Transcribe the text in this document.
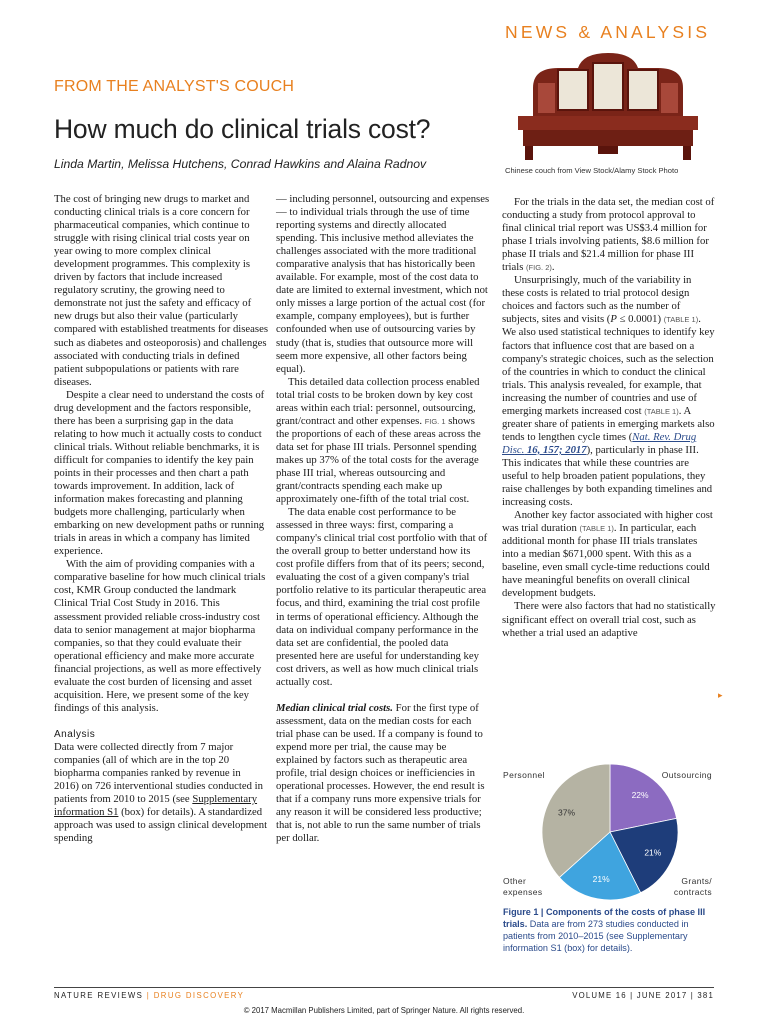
NEWS & ANALYSIS
Chinese couch from View Stock/Alamy Stock Photo
FROM THE ANALYST'S COUCH
How much do clinical trials cost?
Linda Martin, Melissa Hutchens, Conrad Hawkins and Alaina Radnov

The cost of bringing new drugs to market and conducting clinical trials is a core concern for pharmaceutical companies, which continue to struggle with rising clinical trial costs year on year owing to more complex clinical development programmes. This complexity is driven by factors that include increased regulatory scrutiny, the growing need to demonstrate not just the safety and efficacy of new drugs but also their value (particularly compared with established treatments for diseases such as diabetes and osteoporosis) and challenges associated with conducting trials in defined patient subpopulations or patients with rare diseases.

Despite a clear need to understand the costs of drug development and the factors responsible, there has been a surprising gap in the data relating to how much it actually costs to conduct clinical trials. Without reliable benchmarks, it is difficult for companies to identify the key pain points in their processes and then chart a path towards improvement. In addition, lack of information makes forecasting and planning budgets more challenging, particularly when embarking on new development paths or running trials in areas in which a company has limited experience.

With the aim of providing companies with a comparative baseline for how much clinical trials cost, KMR Group conducted the landmark Clinical Trial Cost Study in 2016. This assessment provided reliable cross-industry cost data to senior management at major biopharma companies, so that they could evaluate their operational efficiency and make more accurate financial projections, as well as more effectively evaluate the cost burden of licensing and asset acquisition. Here, we present some of the key findings of this analysis.

Analysis

Data were collected directly from 7 major companies (all of which are in the top 20 biopharma companies ranked by revenue in 2016) on 726 interventional studies conducted in patients from 2010 to 2015 (see Supplementary information S1 (box) for details). A standardized approach was used to assign clinical development spending

— including personnel, outsourcing and expenses — to individual trials through the use of time reporting systems and directly allocated spending. This inclusive method alleviates the challenges associated with the more traditional comparative analysis that has historically been available. For example, most of the cost data to date are limited to external investment, which not only misses a large portion of the actual cost (for example, company employees), but is further confounded when use of outsourcing varies by study (that is, studies that outsource more will seem more expensive, all other factors being equal).

This detailed data collection process enabled total trial costs to be broken down by key cost areas within each trial: personnel, outsourcing, grant/contract and other expenses. FIG. 1 shows the proportions of each of these areas across the data set for phase III trials. Personnel spending makes up 37% of the total costs for the average phase III trial, whereas outsourcing and grant/contracts spending each make up approximately one-fifth of the total trial cost.

The data enable cost performance to be assessed in three ways: first, comparing a company's clinical trial cost portfolio with that of the overall group to better understand how its cost profile differs from that of its peers; second, evaluating the cost of a given company's trial portfolio relative to its particular therapeutic area focus, and third, examining the trial cost profile in terms of operational efficiency. Although the data on individual company performance in the data set are confidential, the pooled data presented here are useful for understanding key cost drivers, as well as how much clinical trials actually cost.

Median clinical trial costs. For the first type of assessment, data on the median costs for each trial phase can be used. If a company is found to expend more per trial, the cause may be explained by factors such as therapeutic area profile, trial design choices or inefficiencies in operational processes. However, the end result is that if a company runs more expensive trials for any reason it will be considered less productive; that is, not able to run the same number of trials per dollar.

For the trials in the data set, the median cost of conducting a study from protocol approval to final clinical trial report was US$3.4 million for phase I trials involving patients, $8.6 million for phase II trials and $21.4 million for phase III trials (FIG. 2).

Unsurprisingly, much of the variability in these costs is related to trial protocol design choices and factors such as the number of subjects, sites and visits (P ≤ 0.0001) (TABLE 1). We also used statistical techniques to identify key factors that influence cost that are based on a company's strategic choices, such as the selection of the countries in which to conduct the clinical trials. This analysis revealed, for example, that increasing the number of countries and use of emerging markets increased cost (TABLE 1). A greater share of patients in emerging markets also tends to lengthen cycle times (Nat. Rev. Drug Disc. 16, 157; 2017), particularly in phase III. This indicates that while these countries are useful to help broaden patient populations, they raise challenges by both expanding timelines and increasing costs.

Another key factor associated with higher cost was trial duration (TABLE 1). In particular, each additional month for phase III trials translates into a median $671,000 spent. With this as a baseline, even small cycle-time reductions could have meaningful benefits on overall clinical development budgets.

There were also factors that had no statistically significant effect on overall trial cost, such as whether a trial used an adaptive

▸
Personnel	Outsourcing
Grants/
contracts
Other
expenses
22%
21%
21%
37%
Figure 1 | Components of the costs of phase III trials. Data are from 273 studies conducted in patients from 2010–2015 (see Supplementary information S1 (box) for details).
NATURE REVIEWS | DRUG DISCOVERY	VOLUME 16 | JUNE 2017 | 381
© 2017 Macmillan Publishers Limited, part of Springer Nature. All rights reserved.
